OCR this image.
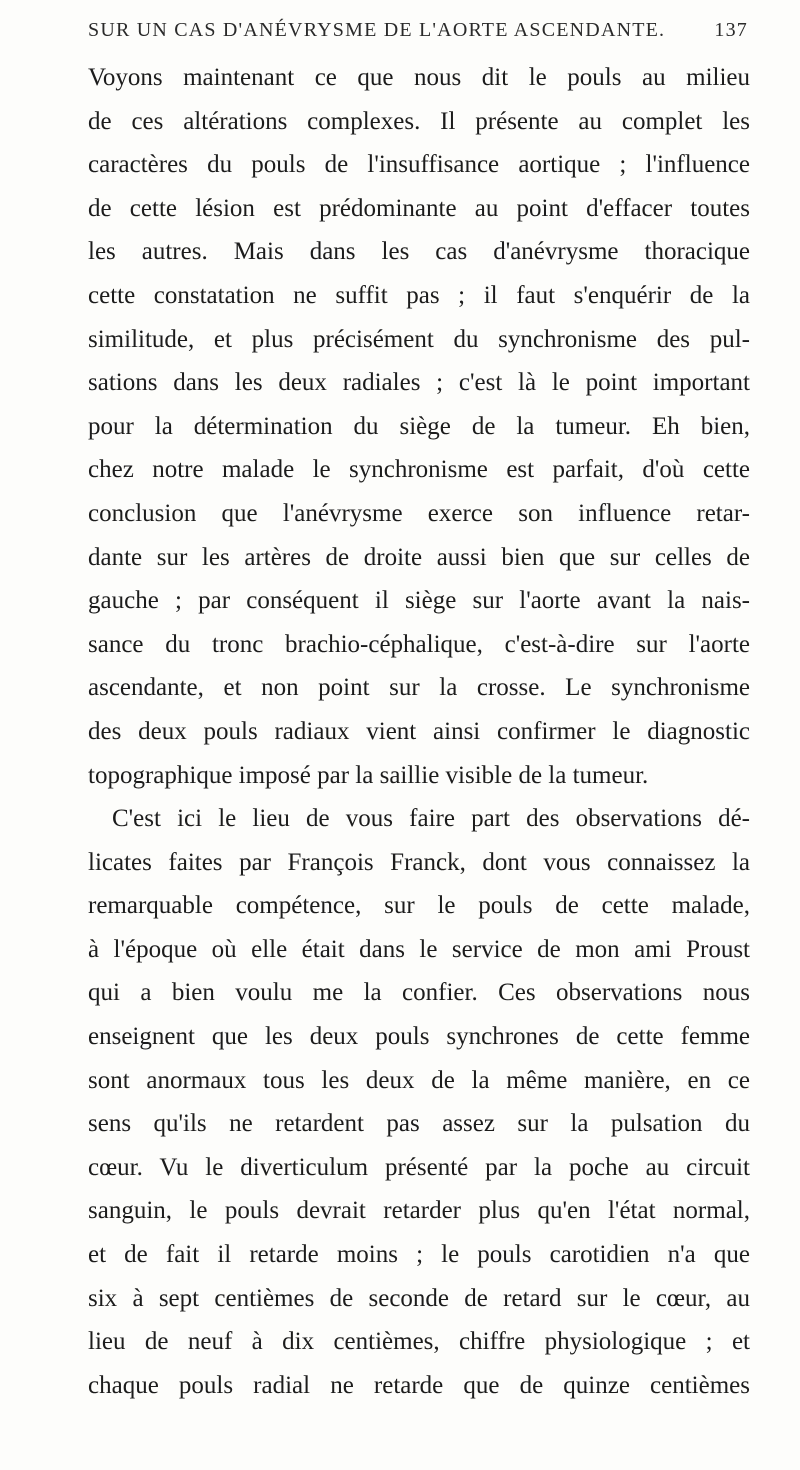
SUR UN CAS D'ANÉVRYSME DE L'AORTE ASCENDANTE. 137
Voyons maintenant ce que nous dit le pouls au milieu
de ces altérations complexes. Il présente au complet les
caractères du pouls de l'insuffisance aortique ; l'influence
de cette lésion est prédominante au point d'effacer toutes
les autres. Mais dans les cas d'anévrysme thoracique
cette constatation ne suffit pas ; il faut s'enquérir de la
similitude, et plus précisément du synchronisme des pul-
sations dans les deux radiales ; c'est là le point important
pour la détermination du siège de la tumeur. Eh bien,
chez notre malade le synchronisme est parfait, d'où cette
conclusion que l'anévrysme exerce son influence retar-
dante sur les artères de droite aussi bien que sur celles de
gauche ; par conséquent il siège sur l'aorte avant la nais-
sance du tronc brachio-céphalique, c'est-à-dire sur l'aorte
ascendante, et non point sur la crosse. Le synchronisme
des deux pouls radiaux vient ainsi confirmer le diagnostic
topographique imposé par la saillie visible de la tumeur.
C'est ici le lieu de vous faire part des observations dé-
licates faites par François Franck, dont vous connaissez la
remarquable compétence, sur le pouls de cette malade,
à l'époque où elle était dans le service de mon ami Proust
qui a bien voulu me la confier. Ces observations nous
enseignent que les deux pouls synchrones de cette femme
sont anormaux tous les deux de la même manière, en ce
sens qu'ils ne retardent pas assez sur la pulsation du
cœur. Vu le diverticulum présenté par la poche au circuit
sanguin, le pouls devrait retarder plus qu'en l'état normal,
et de fait il retarde moins ; le pouls carotidien n'a que
six à sept centièmes de seconde de retard sur le cœur, au
lieu de neuf à dix centièmes, chiffre physiologique ; et
chaque pouls radial ne retarde que de quinze centièmes
